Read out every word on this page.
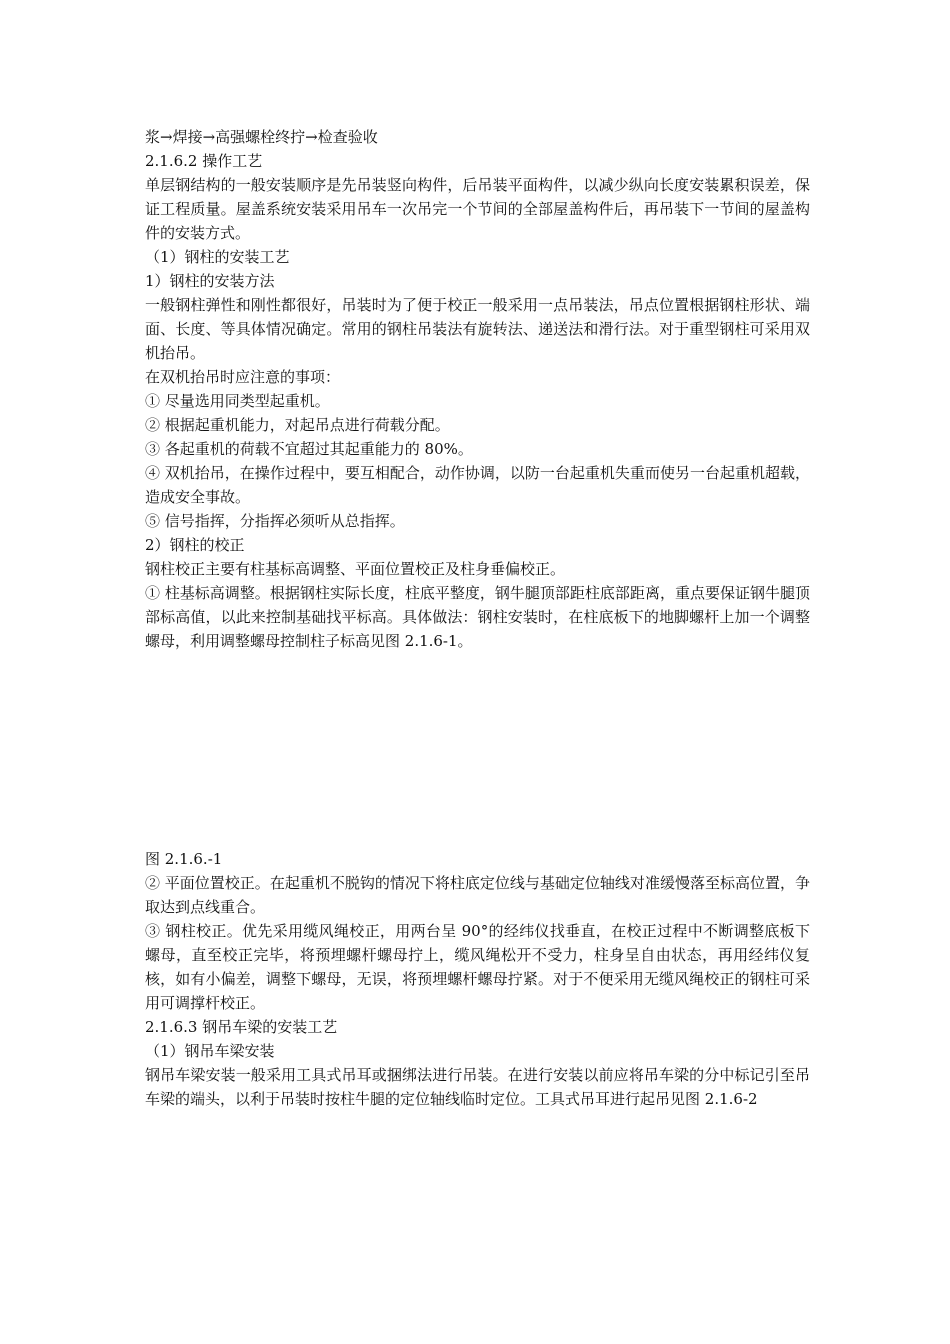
浆→焊接→高强螺栓终拧→检查验收

2.1.6.2 操作工艺

单层钢结构的一般安装顺序是先吊装竖向构件，后吊装平面构件，以减少纵向长度安装累积误差，保证工程质量。屋盖系统安装采用吊车一次吊完一个节间的全部屋盖构件后，再吊装下一节间的屋盖构件的安装方式。

（1）钢柱的安装工艺

1）钢柱的安装方法

一般钢柱弹性和刚性都很好，吊装时为了便于校正一般采用一点吊装法，吊点位置根据钢柱形状、端面、长度、等具体情况确定。常用的钢柱吊装法有旋转法、递送法和滑行法。对于重型钢柱可采用双机抬吊。

在双机抬吊时应注意的事项：

① 尽量选用同类型起重机。

② 根据起重机能力，对起吊点进行荷载分配。

③ 各起重机的荷载不宜超过其起重能力的 80%。

④ 双机抬吊，在操作过程中，要互相配合，动作协调，以防一台起重机失重而使另一台起重机超载，造成安全事故。

⑤ 信号指挥，分指挥必须听从总指挥。

2）钢柱的校正

钢柱校正主要有柱基标高调整、平面位置校正及柱身垂偏校正。

① 柱基标高调整。根据钢柱实际长度，柱底平整度，钢牛腿顶部距柱底部距离，重点要保证钢牛腿顶部标高值，以此来控制基础找平标高。具体做法：钢柱安装时，在柱底板下的地脚螺杆上加一个调整螺母，利用调整螺母控制柱子标高见图 2.1.6-1。

图 2.1.6.-1

② 平面位置校正。在起重机不脱钩的情况下将柱底定位线与基础定位轴线对准缓慢落至标高位置，争取达到点线重合。

③ 钢柱校正。优先采用缆风绳校正，用两台呈 90°的经纬仪找垂直，在校正过程中不断调整底板下螺母，直至校正完毕，将预埋螺杆螺母拧上，缆风绳松开不受力，柱身呈自由状态，再用经纬仪复核，如有小偏差，调整下螺母，无误，将预埋螺杆螺母拧紧。对于不便采用无缆风绳校正的钢柱可采用可调撑杆校正。

2.1.6.3 钢吊车梁的安装工艺

（1）钢吊车梁安装

钢吊车梁安装一般采用工具式吊耳或捆绑法进行吊装。在进行安装以前应将吊车梁的分中标记引至吊车梁的端头，以利于吊装时按柱牛腿的定位轴线临时定位。工具式吊耳进行起吊见图 2.1.6-2
